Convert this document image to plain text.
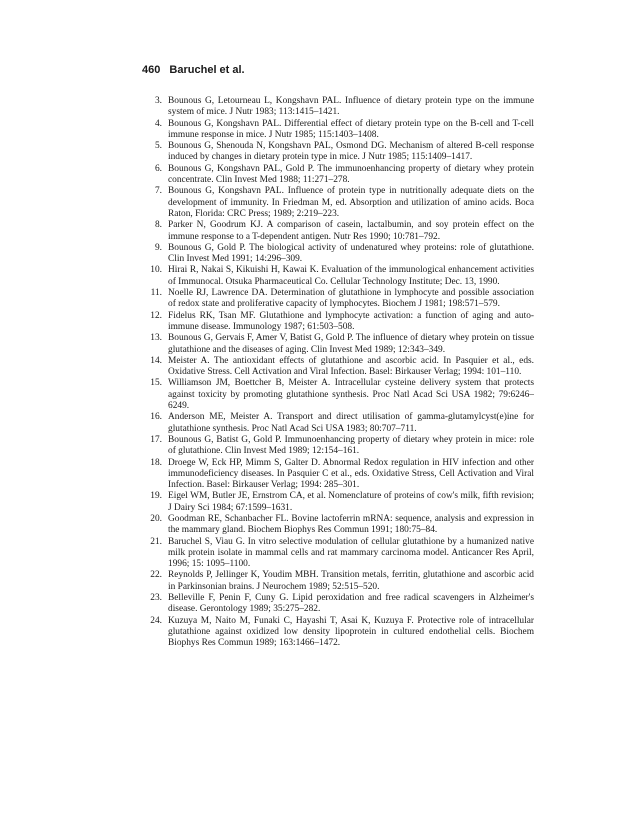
460 Baruchel et al.
3. Bounous G, Letourneau L, Kongshavn PAL. Influence of dietary protein type on the immune system of mice. J Nutr 1983; 113:1415–1421.
4. Bounous G, Kongshavn PAL. Differential effect of dietary protein type on the B-cell and T-cell immune response in mice. J Nutr 1985; 115:1403–1408.
5. Bounous G, Shenouda N, Kongshavn PAL, Osmond DG. Mechanism of altered B-cell response induced by changes in dietary protein type in mice. J Nutr 1985; 115:1409–1417.
6. Bounous G, Kongshavn PAL, Gold P. The immunoenhancing property of dietary whey protein concentrate. Clin Invest Med 1988; 11:271–278.
7. Bounous G, Kongshavn PAL. Influence of protein type in nutritionally adequate diets on the development of immunity. In Friedman M, ed. Absorption and utilization of amino acids. Boca Raton, Florida: CRC Press; 1989; 2:219–223.
8. Parker N, Goodrum KJ. A comparison of casein, lactalbumin, and soy protein effect on the immune response to a T-dependent antigen. Nutr Res 1990; 10:781–792.
9. Bounous G, Gold P. The biological activity of undenatured whey proteins: role of glutathione. Clin Invest Med 1991; 14:296–309.
10. Hirai R, Nakai S, Kikuishi H, Kawai K. Evaluation of the immunological enhancement activities of Immunocal. Otsuka Pharmaceutical Co. Cellular Technology Institute; Dec. 13, 1990.
11. Noelle RJ, Lawrence DA. Determination of glutathione in lymphocyte and possible association of redox state and proliferative capacity of lymphocytes. Biochem J 1981; 198:571–579.
12. Fidelus RK, Tsan MF. Glutathione and lymphocyte activation: a function of aging and auto-immune disease. Immunology 1987; 61:503–508.
13. Bounous G, Gervais F, Amer V, Batist G, Gold P. The influence of dietary whey protein on tissue glutathione and the diseases of aging. Clin Invest Med 1989; 12:343–349.
14. Meister A. The antioxidant effects of glutathione and ascorbic acid. In Pasquier et al., eds. Oxidative Stress. Cell Activation and Viral Infection. Basel: Birkauser Verlag; 1994: 101–110.
15. Williamson JM, Boettcher B, Meister A. Intracellular cysteine delivery system that protects against toxicity by promoting glutathione synthesis. Proc Natl Acad Sci USA 1982; 79:6246–6249.
16. Anderson ME, Meister A. Transport and direct utilisation of gamma-glutamylcyst(e)ine for glutathione synthesis. Proc Natl Acad Sci USA 1983; 80:707–711.
17. Bounous G, Batist G, Gold P. Immunoenhancing property of dietary whey protein in mice: role of glutathione. Clin Invest Med 1989; 12:154–161.
18. Droege W, Eck HP, Mimm S, Galter D. Abnormal Redox regulation in HIV infection and other immunodeficiency diseases. In Pasquier C et al., eds. Oxidative Stress, Cell Activation and Viral Infection. Basel: Birkauser Verlag; 1994: 285–301.
19. Eigel WM, Butler JE, Ernstrom CA, et al. Nomenclature of proteins of cow's milk, fifth revision; J Dairy Sci 1984; 67:1599–1631.
20. Goodman RE, Schanbacher FL. Bovine lactoferrin mRNA: sequence, analysis and expression in the mammary gland. Biochem Biophys Res Commun 1991; 180:75–84.
21. Baruchel S, Viau G. In vitro selective modulation of cellular glutathione by a humanized native milk protein isolate in mammal cells and rat mammary carcinoma model. Anticancer Res April, 1996; 15: 1095–1100.
22. Reynolds P, Jellinger K, Youdim MBH. Transition metals, ferritin, glutathione and ascorbic acid in Parkinsonian brains. J Neurochem 1989; 52:515–520.
23. Belleville F, Penin F, Cuny G. Lipid peroxidation and free radical scavengers in Alzheimer's disease. Gerontology 1989; 35:275–282.
24. Kuzuya M, Naito M, Funaki C, Hayashi T, Asai K, Kuzuya F. Protective role of intracellular glutathione against oxidized low density lipoprotein in cultured endothelial cells. Biochem Biophys Res Commun 1989; 163:1466–1472.
